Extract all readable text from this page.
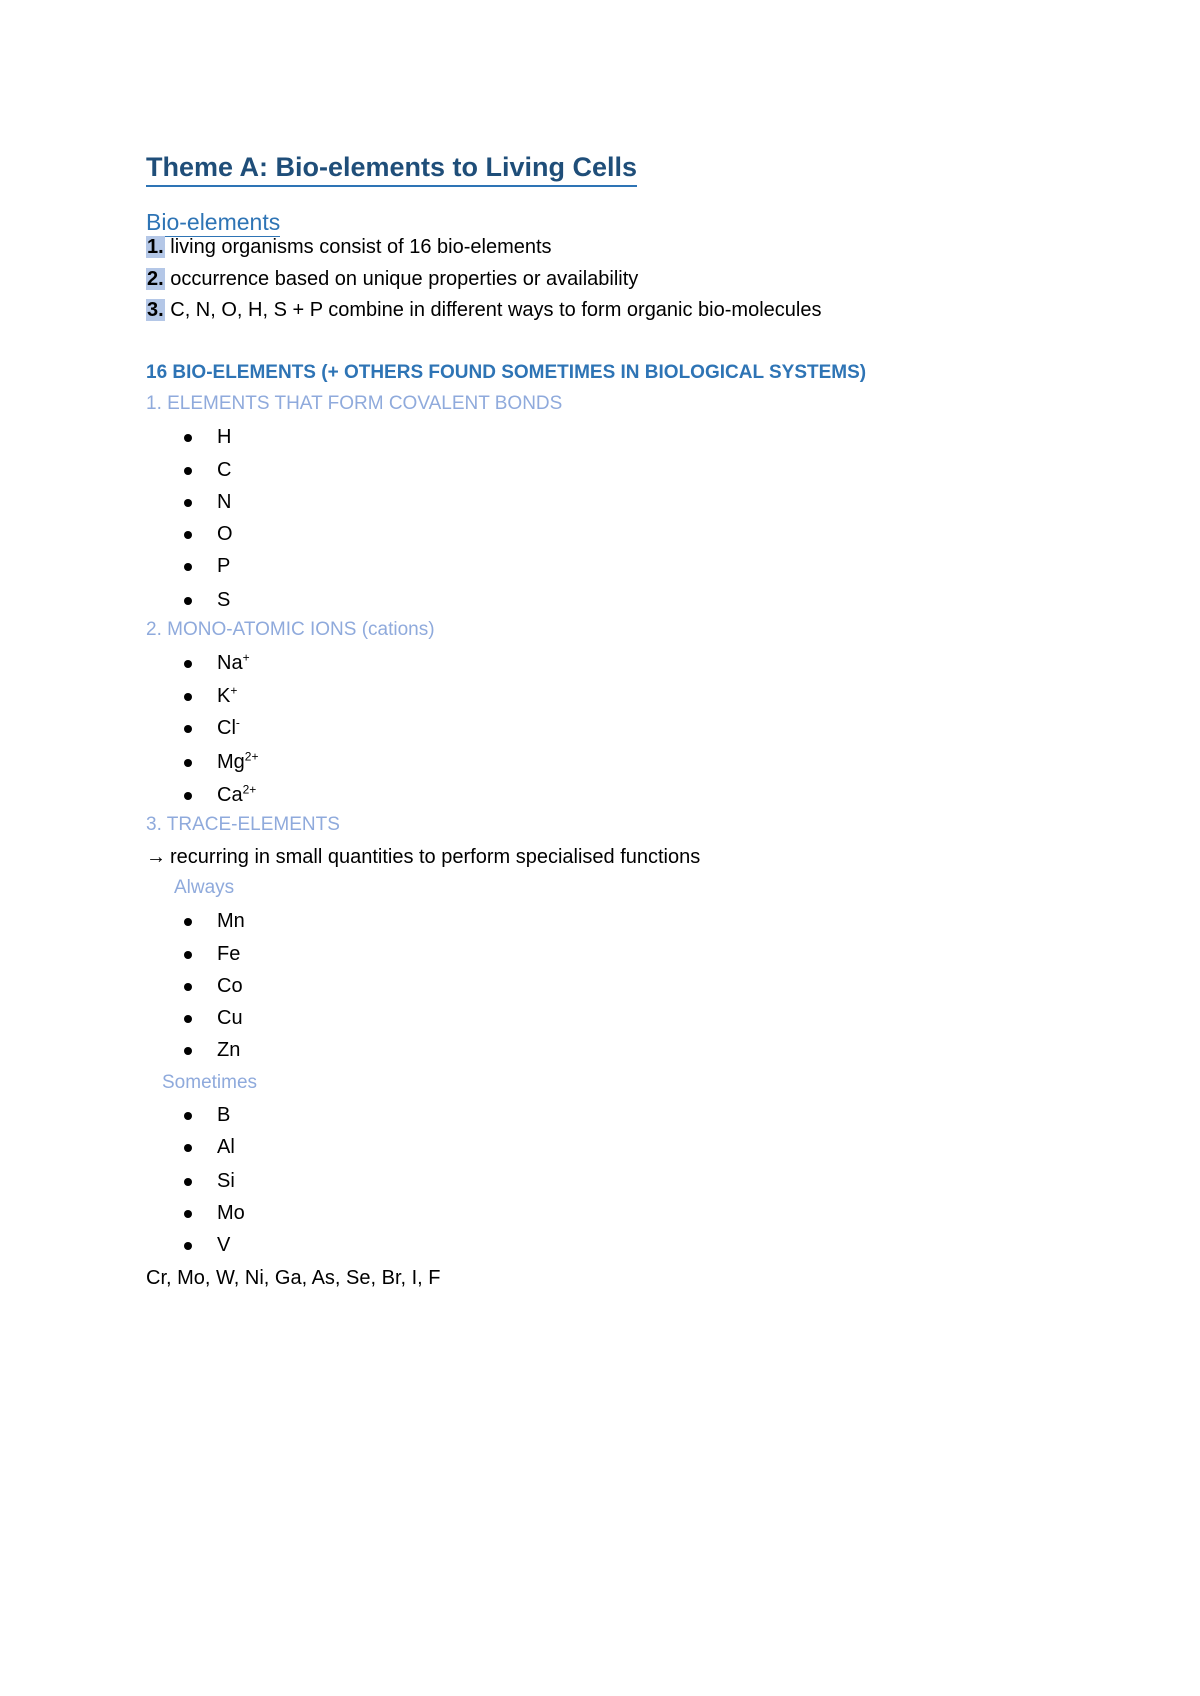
Theme A: Bio-elements to Living Cells
Bio-elements
1. living organisms consist of 16 bio-elements
2. occurrence based on unique properties or availability
3. C, N, O, H, S + P combine in different ways to form organic bio-molecules
16 BIO-ELEMENTS (+ OTHERS FOUND SOMETIMES IN BIOLOGICAL SYSTEMS)
1. ELEMENTS THAT FORM COVALENT BONDS
H
C
N
O
P
S
2. MONO-ATOMIC IONS (cations)
Na+
K+
Cl-
$Mg^{2+}$
$Ca^{2+}$
3. TRACE-ELEMENTS
→ recurring in small quantities to perform specialised functions
Always
Mn
Fe
Co
Cu
Zn
Sometimes
B
Al
Si
Mo
V
Cr, Mo, W, Ni, Ga, As, Se, Br, I, F
